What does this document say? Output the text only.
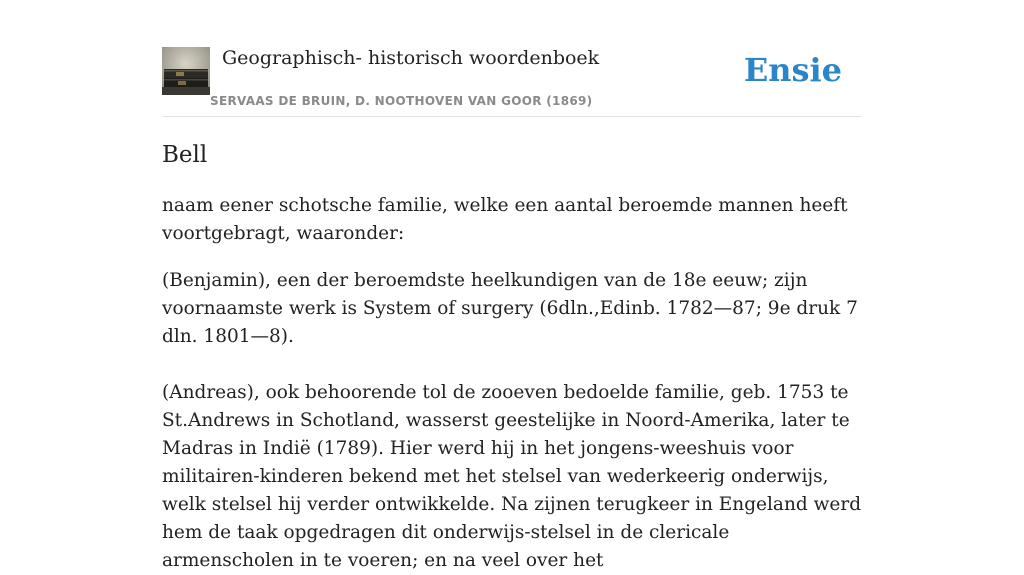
Geographisch- historisch woordenboek
SERVAAS DE BRUIN, D. NOOTHOVEN VAN GOOR (1869)
Ensie
Bell

naam eener schotsche familie, welke een aantal beroemde mannen heeft voortgebragt, waaronder:

(Benjamin), een der beroemdste heelkundigen van de 18e eeuw; zijn voornaamste werk is System of surgery (6dln.,Edinb. 1782—87; 9e druk 7 dln. 1801—8).

(Andreas), ook behoorende tol de zooeven bedoelde familie, geb. 1753 te St.Andrews in Schotland, wasserst geestelijke in Noord-Amerika, later te Madras in Indië (1789). Hier werd hij in het jongens-weeshuis voor militairen-kinderen bekend met het stelsel van wederkeerig onderwijs, welk stelsel hij verder ontwikkelde. Na zijnen terugkeer in Engeland werd hem de taak opgedragen dit onderwijs-stelsel in de clericale armenscholen in te voeren; en na veel over het
